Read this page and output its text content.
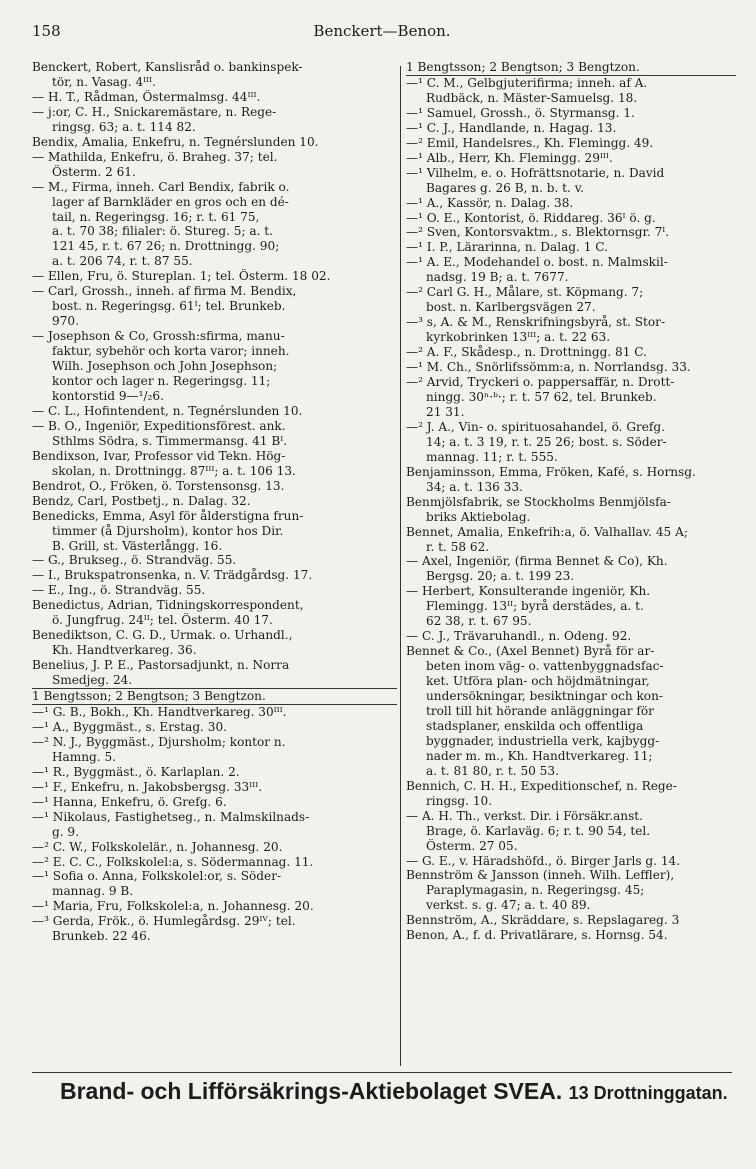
158	Benckert—Benon.
Benckert, Robert, Kanslisråd o. bankinspek-
tör, n. Vasag. 4ᴵᴵᴵ.
— H. T., Rådman, Östermalmsg. 44ᴵᴵᴵ.
— j:or, C. H., Snickaremästare, n. Rege-
ringsg. 63; a. t. 114 82.
Bendix, Amalia, Enkefru, n. Tegnérslunden 10.
— Mathilda, Enkefru, ö. Braheg. 37; tel.
Österm. 2 61.
— M., Firma, inneh. Carl Bendix, fabrik o.
lager af Barnkläder en gros och en dé-
tail, n. Regeringsg. 16; r. t. 61 75,
a. t. 70 38; filialer: ö. Stureg. 5; a. t.
121 45, r. t. 67 26; n. Drottningg. 90;
a. t. 206 74, r. t. 87 55.
— Ellen, Fru, ö. Stureplan. 1; tel. Österm. 18 02.
— Carl, Grossh., inneh. af firma M. Bendix,
bost. n. Regeringsg. 61ᴵ; tel. Brunkeb.
970.
— Josephson & Co, Grossh:sfirma, manu-
faktur, sybehör och korta varor; inneh.
Wilh. Josephson och John Josephson;
kontor och lager n. Regeringsg. 11;
kontorstid 9—¹/₂6.
— C. L., Hofintendent, n. Tegnérslunden 10.
— B. O., Ingeniör, Expeditionsförest. ank.
Sthlms Södra, s. Timmermansg. 41 Bᴵ.
Bendixson, Ivar, Professor vid Tekn. Hög-
skolan, n. Drottningg. 87ᴵᴵᴵ; a. t. 106 13.
Bendrot, O., Fröken, ö. Torstensonsg. 13.
Bendz, Carl, Postbetj., n. Dalag. 32.
Benedicks, Emma, Asyl för ålderstigna frun-
timmer (å Djursholm), kontor hos Dir.
B. Grill, st. Västerlångg. 16.
— G., Brukseg., ö. Strandväg. 55.
— I., Brukspatronsenka, n. V. Trädgårdsg. 17.
— E., Ing., ö. Strandväg. 55.
Benedictus, Adrian, Tidningskorrespondent,
ö. Jungfrug. 24ᴵᴵ; tel. Österm. 40 17.
Benediktson, C. G. D., Urmak. o. Urhandl.,
Kh. Handtverkareg. 36.
Benelius, J. P. E., Pastorsadjunkt, n. Norra
Smedjeg. 24.
1 Bengtsson; 2 Bengtson; 3 Bengtzon.
—¹ G. B., Bokh., Kh. Handtverkareg. 30ᴵᴵᴵ.
—¹ A., Byggmäst., s. Erstag. 30.
—² N. J., Byggmäst., Djursholm; kontor n.
Hamng. 5.
—¹ R., Byggmäst., ö. Karlaplan. 2.
—¹ F., Enkefru, n. Jakobsbergsg. 33ᴵᴵᴵ.
—¹ Hanna, Enkefru, ö. Grefg. 6.
—¹ Nikolaus, Fastighetseg., n. Malmskilnads-
g. 9.
—² C. W., Folkskolelär., n. Johannesg. 20.
—² E. C. C., Folkskolel:a, s. Södermannag. 11.
—¹ Sofia o. Anna, Folkskolel:or, s. Söder-
mannag. 9 B.
—¹ Maria, Fru, Folkskolel:a, n. Johannesg. 20.
—³ Gerda, Frök., ö. Humlegårdsg. 29ᴵⱽ; tel.
Brunkeb. 22 46.
1 Bengtsson; 2 Bengtson; 3 Bengtzon.
—¹ C. M., Gelbgjuterifirma; inneh. af A.
Rudbäck, n. Mäster-Samuelsg. 18.
—¹ Samuel, Grossh., ö. Styrmansg. 1.
—¹ C. J., Handlande, n. Hagag. 13.
—² Emil, Handelsres., Kh. Flemingg. 49.
—¹ Alb., Herr, Kh. Flemingg. 29ᴵᴵᴵ.
—¹ Vilhelm, e. o. Hofrättsnotarie, n. David
Bagares g. 26 B, n. b. t. v.
—¹ A., Kassör, n. Dalag. 38.
—¹ O. E., Kontorist, ö. Riddareg. 36ᴵ ö. g.
—² Sven, Kontorsvaktm., s. Blektornsgr. 7ᴵ.
—¹ I. P., Lärarinna, n. Dalag. 1 C.
—¹ A. E., Modehandel o. bost. n. Malmskil-
nadsg. 19 B; a. t. 7677.
—² Carl G. H., Målare, st. Köpmang. 7;
bost. n. Karlbergsvägen 27.
—³ s, A. & M., Renskrifningsbyrå, st. Stor-
kyrkobrinken 13ᴵᴵᴵ; a. t. 22 63.
—² A. F., Skådesp., n. Drottningg. 81 C.
—¹ M. Ch., Snörlifssömm:a, n. Norrlandsg. 33.
—² Arvid, Tryckeri o. pappersaffär, n. Drott-
ningg. 30ⁿ·ᵇ·; r. t. 57 62, tel. Brunkeb.
21 31.
—² J. A., Vin- o. spirituosahandel, ö. Grefg.
14; a. t. 3 19, r. t. 25 26; bost. s. Söder-
mannag. 11; r. t. 555.
Benjaminsson, Emma, Fröken, Kafé, s. Hornsg.
34; a. t. 136 33.
Benmjölsfabrik, se Stockholms Benmjölsfa-
briks Aktiebolag.
Bennet, Amalia, Enkefrih:a, ö. Valhallav. 45 A;
r. t. 58 62.
— Axel, Ingeniör, (firma Bennet & Co), Kh.
Bergsg. 20; a. t. 199 23.
— Herbert, Konsulterande ingeniör, Kh.
Flemingg. 13ᴵᴵ; byrå derstädes, a. t.
62 38, r. t. 67 95.
— C. J., Trävaruhandl., n. Odeng. 92.
Bennet & Co., (Axel Bennet) Byrå för ar-
beten inom väg- o. vattenbyggnadsfac-
ket. Utföra plan- och höjdmätningar,
undersökningar, besiktningar och kon-
troll till hit hörande anläggningar för
stadsplaner, enskilda och offentliga
byggnader, industriella verk, kajbygg-
nader m. m., Kh. Handtverkareg. 11;
a. t. 81 80, r. t. 50 53.
Bennich, C. H. H., Expeditionschef, n. Rege-
ringsg. 10.
— A. H. Th., verkst. Dir. i Försäkr.anst.
Brage, ö. Karlaväg. 6; r. t. 90 54, tel.
Österm. 27 05.
— G. E., v. Häradshöfd., ö. Birger Jarls g. 14.
Bennström & Jansson (inneh. Wilh. Leffler),
Paraplymagasin, n. Regeringsg. 45;
verkst. s. g. 47; a. t. 40 89.
Bennström, A., Skräddare, s. Repslagareg. 3
Benon, A., f. d. Privatlärare, s. Hornsg. 54.
Brand- och Lifförsäkrings-Aktiebolaget SVEA. 13 Drottninggatan.
